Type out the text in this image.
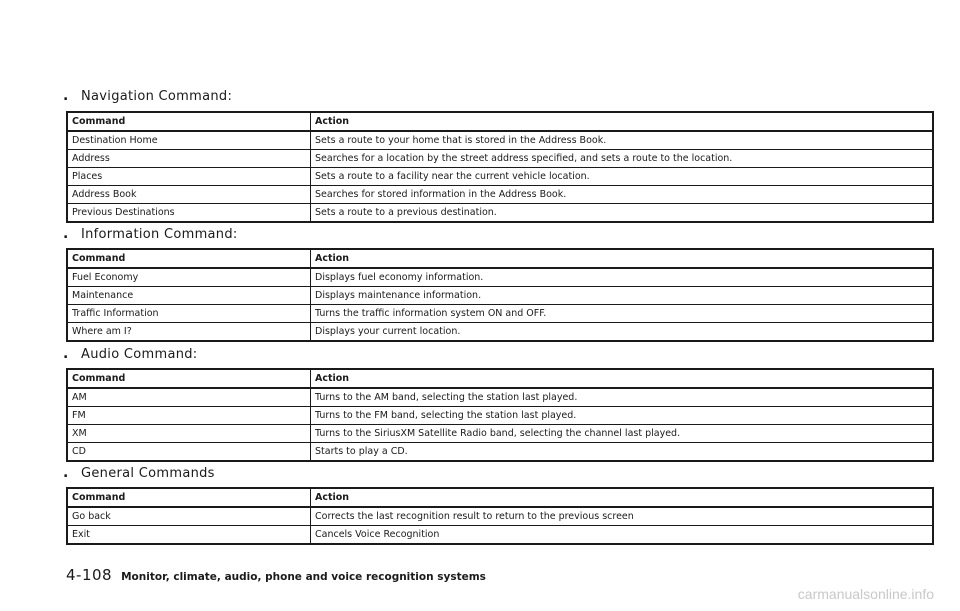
. Navigation Command:
Command	Action
Destination Home	Sets a route to your home that is stored in the Address Book.
Address	Searches for a location by the street address specified, and sets a route to the location.
Places	Sets a route to a facility near the current vehicle location.
Address Book	Searches for stored information in the Address Book.
Previous Destinations	Sets a route to a previous destination.
. Information Command:
Command	Action
Fuel Economy	Displays fuel economy information.
Maintenance	Displays maintenance information.
Traffic Information	Turns the traffic information system ON and OFF.
Where am I?	Displays your current location.
. Audio Command:
Command	Action
AM	Turns to the AM band, selecting the station last played.
FM	Turns to the FM band, selecting the station last played.
XM	Turns to the SiriusXM Satellite Radio band, selecting the channel last played.
CD	Starts to play a CD.
. General Commands
Command	Action
Go back	Corrects the last recognition result to return to the previous screen
Exit	Cancels Voice Recognition
4-108 Monitor, climate, audio, phone and voice recognition systems
carmanualsonline.info
